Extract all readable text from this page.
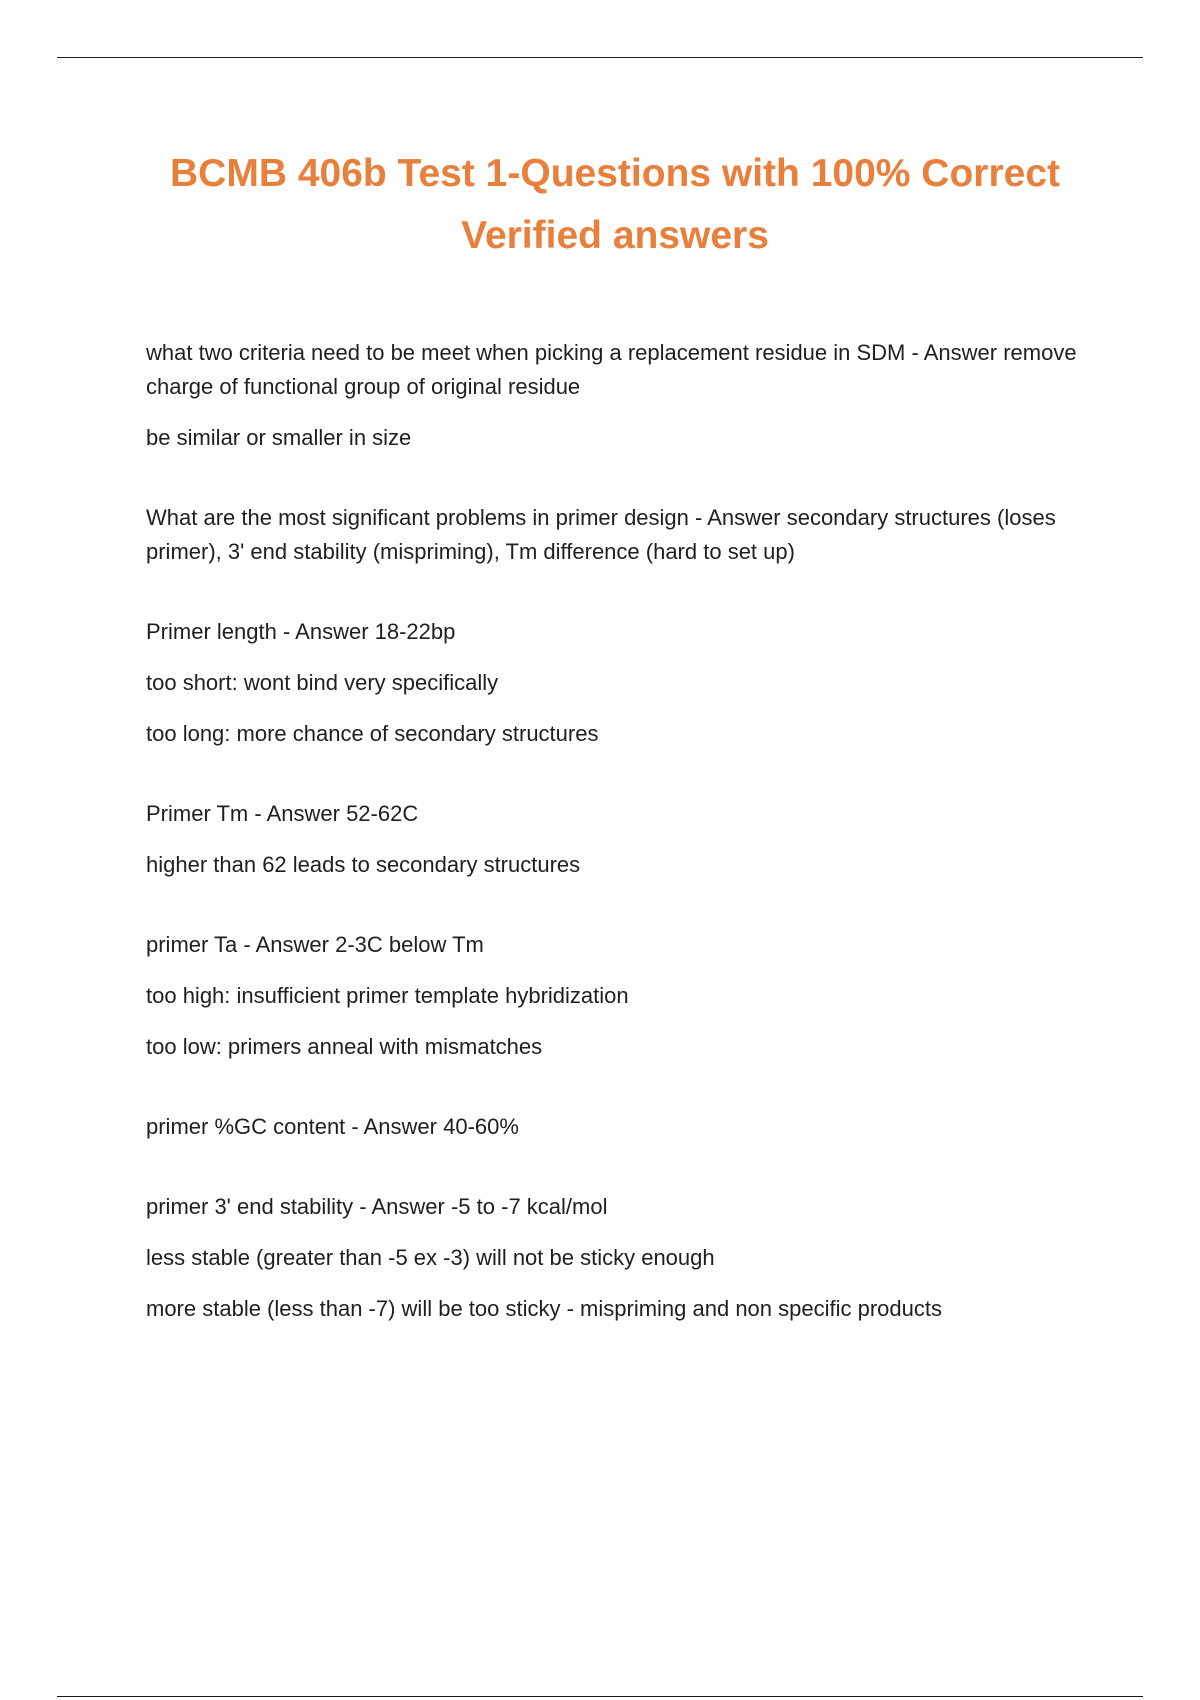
BCMB 406b Test 1-Questions with 100% Correct Verified answers

what two criteria need to be meet when picking a replacement residue in SDM - Answer remove charge of functional group of original residue

be similar or smaller in size

What are the most significant problems in primer design - Answer secondary structures (loses primer), 3' end stability (mispriming), Tm difference (hard to set up)

Primer length - Answer 18-22bp

too short: wont bind very specifically

too long: more chance of secondary structures

Primer Tm - Answer 52-62C

higher than 62 leads to secondary structures

primer Ta - Answer 2-3C below Tm

too high: insufficient primer template hybridization

too low: primers anneal with mismatches

primer %GC content - Answer 40-60%

primer 3' end stability - Answer -5 to -7 kcal/mol

less stable (greater than -5 ex -3) will not be sticky enough

more stable (less than -7) will be too sticky - mispriming and non specific products
